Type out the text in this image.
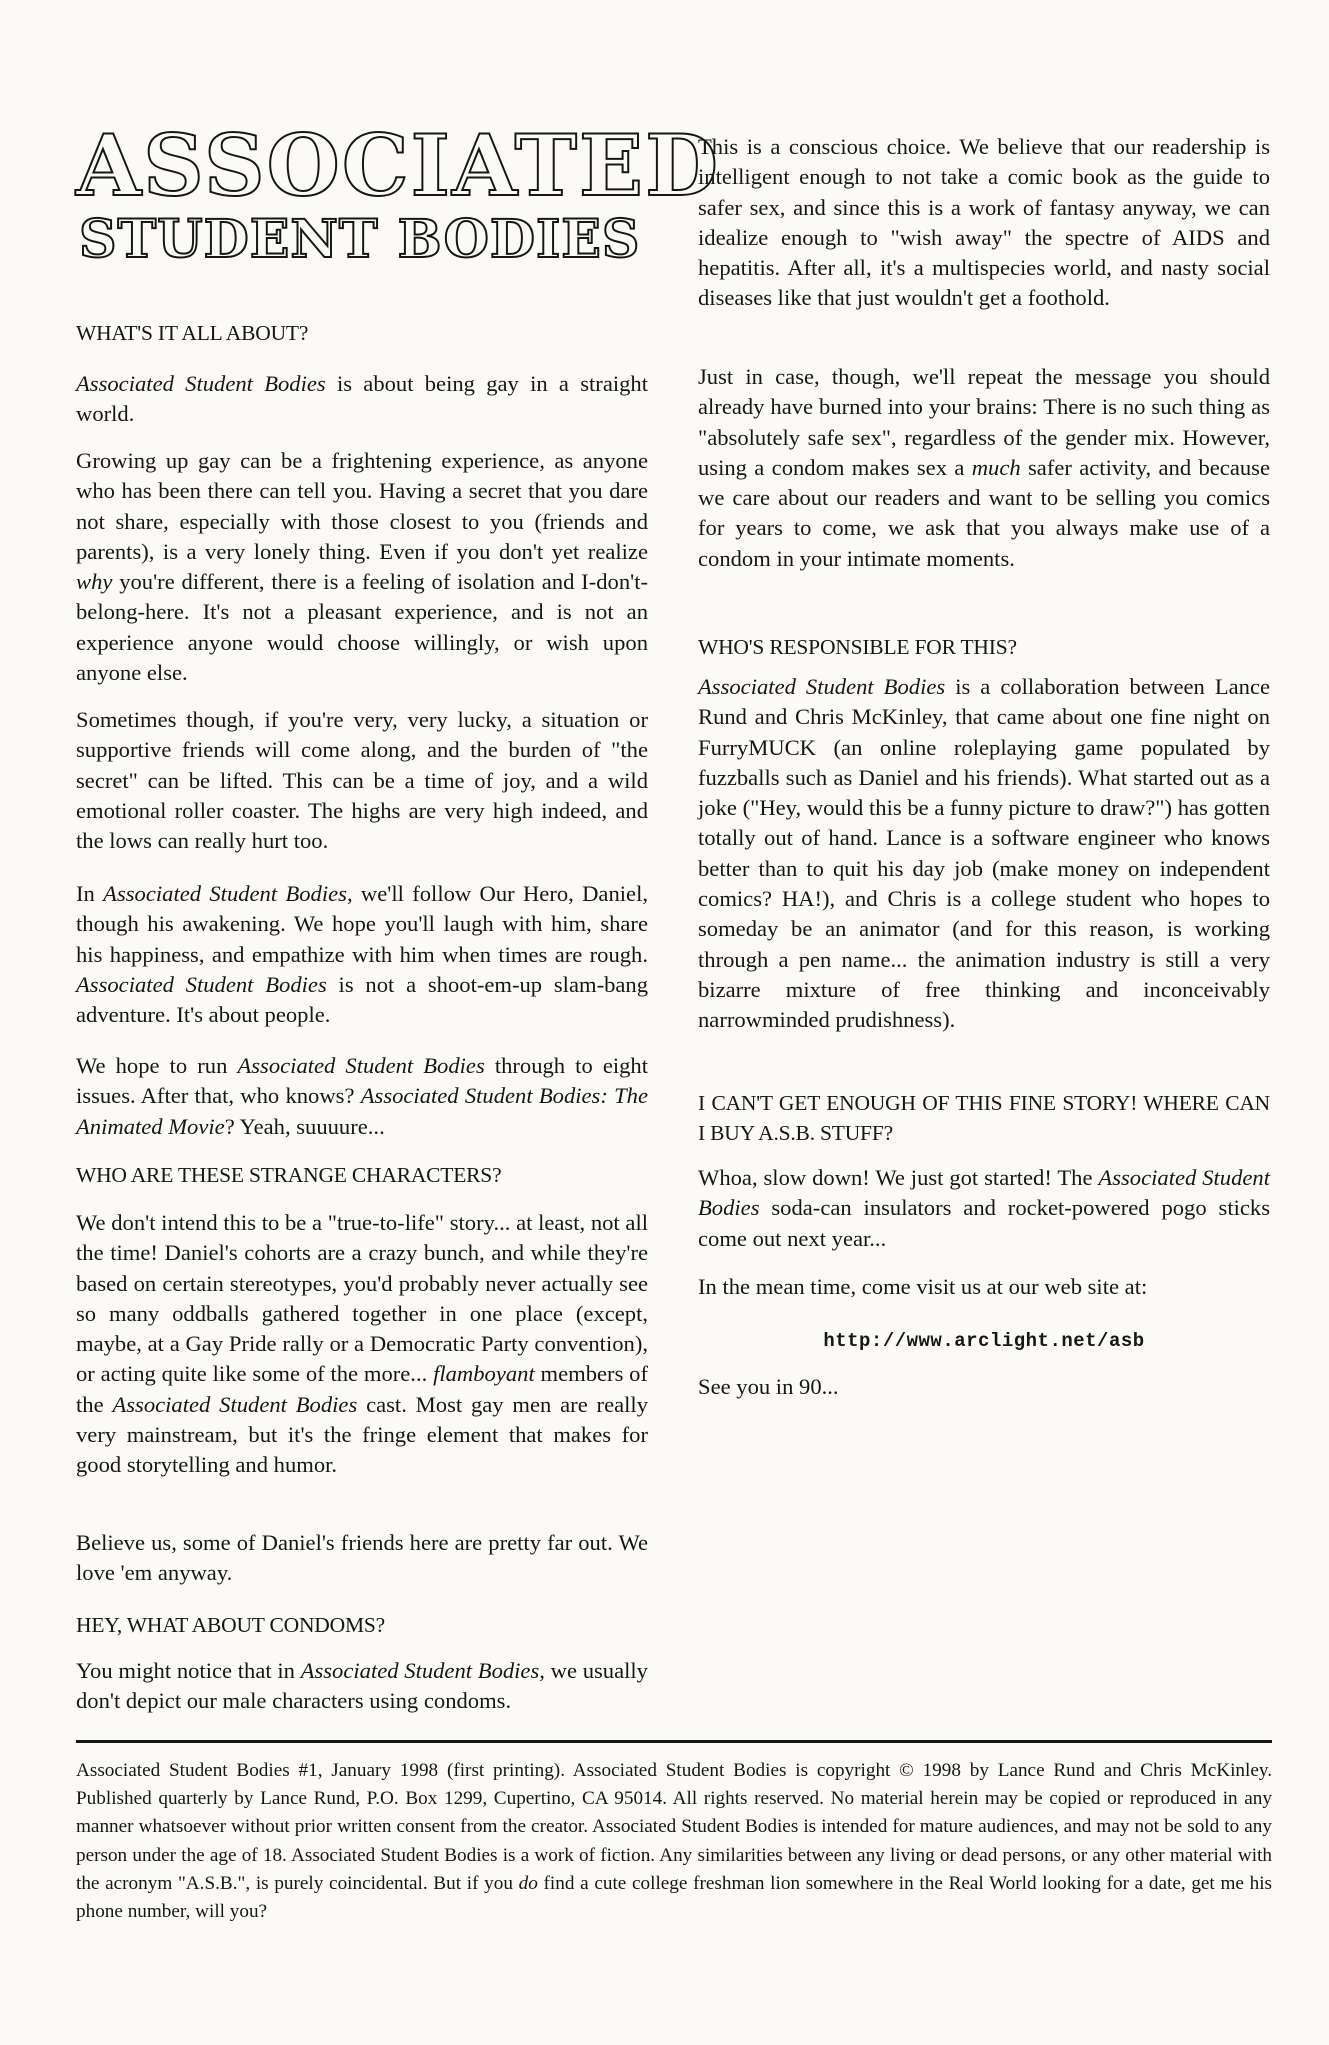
ASSOCIATED
STUDENT BODIES
WHAT'S IT ALL ABOUT?

Associated Student Bodies is about being gay in a straight world.

Growing up gay can be a frightening experience, as anyone who has been there can tell you. Having a secret that you dare not share, especially with those closest to you (friends and parents), is a very lonely thing. Even if you don't yet realize why you're different, there is a feeling of isolation and I-don't-belong-here. It's not a pleasant experience, and is not an experience anyone would choose willingly, or wish upon anyone else.

Sometimes though, if you're very, very lucky, a situation or supportive friends will come along, and the burden of "the secret" can be lifted. This can be a time of joy, and a wild emotional roller coaster. The highs are very high indeed, and the lows can really hurt too.

In Associated Student Bodies, we'll follow Our Hero, Daniel, though his awakening. We hope you'll laugh with him, share his happiness, and empathize with him when times are rough. Associated Student Bodies is not a shoot-em-up slam-bang adventure. It's about people.

We hope to run Associated Student Bodies through to eight issues. After that, who knows? Associated Student Bodies: The Animated Movie? Yeah, suuuure...

WHO ARE THESE STRANGE CHARACTERS?

We don't intend this to be a "true-to-life" story... at least, not all the time! Daniel's cohorts are a crazy bunch, and while they're based on certain stereotypes, you'd probably never actually see so many oddballs gathered together in one place (except, maybe, at a Gay Pride rally or a Democratic Party convention), or acting quite like some of the more... flamboyant members of the Associated Student Bodies cast. Most gay men are really very mainstream, but it's the fringe element that makes for good storytelling and humor.

Believe us, some of Daniel's friends here are pretty far out. We love 'em anyway.

HEY, WHAT ABOUT CONDOMS?

You might notice that in Associated Student Bodies, we usually don't depict our male characters using condoms.

This is a conscious choice. We believe that our readership is intelligent enough to not take a comic book as the guide to safer sex, and since this is a work of fantasy anyway, we can idealize enough to "wish away" the spectre of AIDS and hepatitis. After all, it's a multispecies world, and nasty social diseases like that just wouldn't get a foothold.

Just in case, though, we'll repeat the message you should already have burned into your brains: There is no such thing as "absolutely safe sex", regardless of the gender mix. However, using a condom makes sex a much safer activity, and because we care about our readers and want to be selling you comics for years to come, we ask that you always make use of a condom in your intimate moments.

WHO'S RESPONSIBLE FOR THIS?

Associated Student Bodies is a collaboration between Lance Rund and Chris McKinley, that came about one fine night on FurryMUCK (an online roleplaying game populated by fuzzballs such as Daniel and his friends). What started out as a joke ("Hey, would this be a funny picture to draw?") has gotten totally out of hand. Lance is a software engineer who knows better than to quit his day job (make money on independent comics? HA!), and Chris is a college student who hopes to someday be an animator (and for this reason, is working through a pen name... the animation industry is still a very bizarre mixture of free thinking and inconceivably narrowminded prudishness).

I CAN'T GET ENOUGH OF THIS FINE STORY! WHERE CAN I BUY A.S.B. STUFF?

Whoa, slow down! We just got started! The Associated Student Bodies soda-can insulators and rocket-powered pogo sticks come out next year...

In the mean time, come visit us at our web site at:

http://www.arclight.net/asb

See you in 90...

Associated Student Bodies #1, January 1998 (first printing). Associated Student Bodies is copyright © 1998 by Lance Rund and Chris McKinley. Published quarterly by Lance Rund, P.O. Box 1299, Cupertino, CA 95014. All rights reserved. No material herein may be copied or reproduced in any manner whatsoever without prior written consent from the creator. Associated Student Bodies is intended for mature audiences, and may not be sold to any person under the age of 18. Associated Student Bodies is a work of fiction. Any similarities between any living or dead persons, or any other material with the acronym "A.S.B.", is purely coincidental. But if you do find a cute college freshman lion somewhere in the Real World looking for a date, get me his phone number, will you?
